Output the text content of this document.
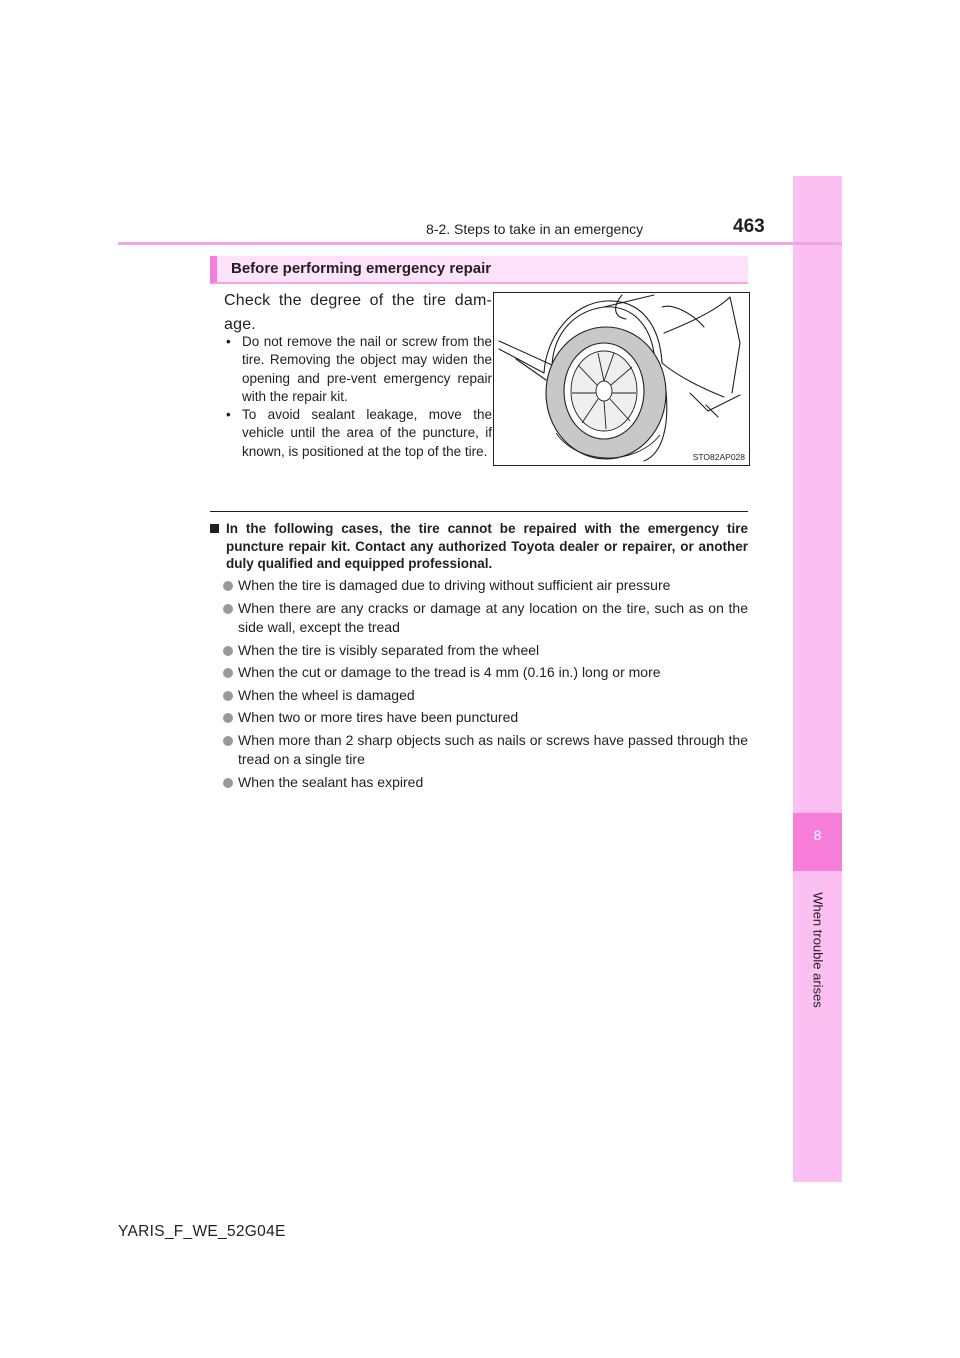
8
When trouble arises
8-2. Steps to take in an emergency	463
Before performing emergency repair
Check the degree of the tire dam-age.
• Do not remove the nail or screw from the tire. Removing the object may widen the opening and pre-vent emergency repair with the repair kit.
• To avoid sealant leakage, move the vehicle until the area of the puncture, if known, is positioned at the top of the tire.	STO82AP028
In the following cases, the tire cannot be repaired with the emergency tire puncture repair kit. Contact any authorized Toyota dealer or repairer, or another duly qualified and equipped professional.
When the tire is damaged due to driving without sufficient air pressure
When there are any cracks or damage at any location on the tire, such as on the side wall, except the tread
When the tire is visibly separated from the wheel
When the cut or damage to the tread is 4 mm (0.16 in.) long or more
When the wheel is damaged
When two or more tires have been punctured
When more than 2 sharp objects such as nails or screws have passed through the tread on a single tire
When the sealant has expired
YARIS_F_WE_52G04E
